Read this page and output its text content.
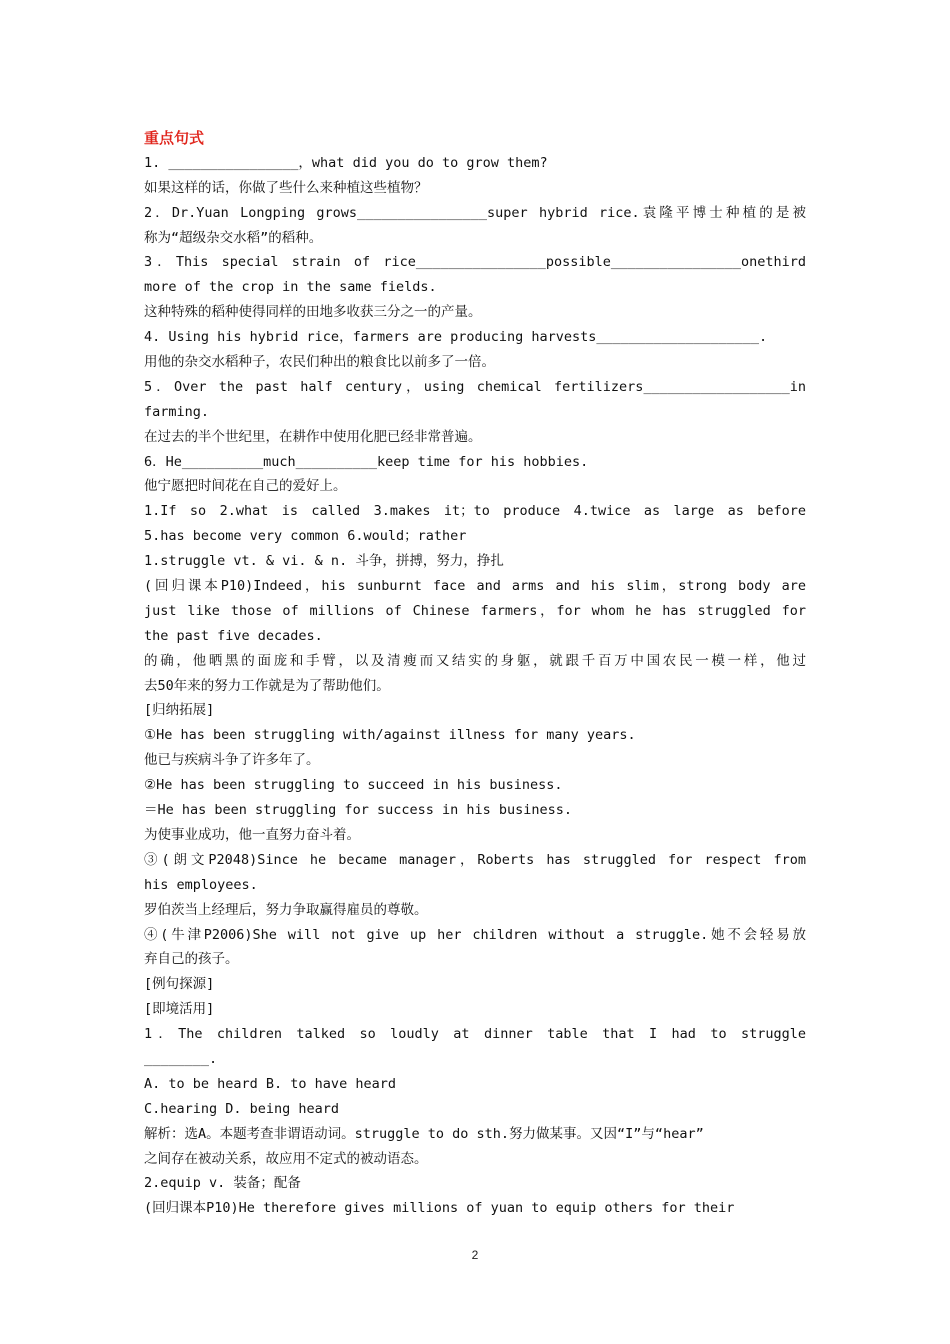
重点句式
1. ________________，what did you do to grow them?
如果这样的话，你做了些什么来种植这些植物？
2．Dr.Yuan Longping grows________________super hybrid rice.袁隆平博士种植的是被
称为“超级杂交水稻”的稻种。
3．This special strain of rice________________possible________________onethird
more of the crop in the same fields.
这种特殊的稻种使得同样的田地多收获三分之一的产量。
4. Using his hybrid rice，farmers are producing harvests____________________.
用他的杂交水稻种子，农民们种出的粮食比以前多了一倍。
5．Over the past half century，using chemical fertilizers__________________in
farming.
在过去的半个世纪里，在耕作中使用化肥已经非常普遍。
6．He__________much__________keep time for his hobbies.
他宁愿把时间花在自己的爱好上。
1.If so 2.what is called 3.makes it；to produce 4.twice as large as before
5.has become very common 6.would；rather
1.struggle vt. & vi. & n. 斗争，拼搏，努力，挣扎
(回归课本P10)Indeed，his sunburnt face and arms and his slim，strong body are
just like those of millions of Chinese farmers，for whom he has struggled for
the past five decades.
的确，他晒黑的面庞和手臂，以及清瘦而又结实的身躯，就跟千百万中国农民一模一样，他过
去50年来的努力工作就是为了帮助他们。
[归纳拓展]
①He has been struggling with/against illness for many years.
他已与疾病斗争了许多年了。
②He has been struggling to succeed in his business.
＝He has been struggling for success in his business.
为使事业成功，他一直努力奋斗着。
③(朗文P2048)Since he became manager，Roberts has struggled for respect from
his employees.
罗伯茨当上经理后，努力争取赢得雇员的尊敬。
④(牛津P2006)She will not give up her children without a struggle.她不会轻易放
弃自己的孩子。
[例句探源]
[即境活用]
1．The children talked so loudly at dinner table that I had to struggle
________.
A. to be heard B. to have heard
C.hearing D. being heard
解析：选A。本题考查非谓语动词。struggle to do sth.努力做某事。又因“I”与“hear”
之间存在被动关系，故应用不定式的被动语态。
2.equip v. 装备；配备
(回归课本P10)He therefore gives millions of yuan to equip others for their
2
